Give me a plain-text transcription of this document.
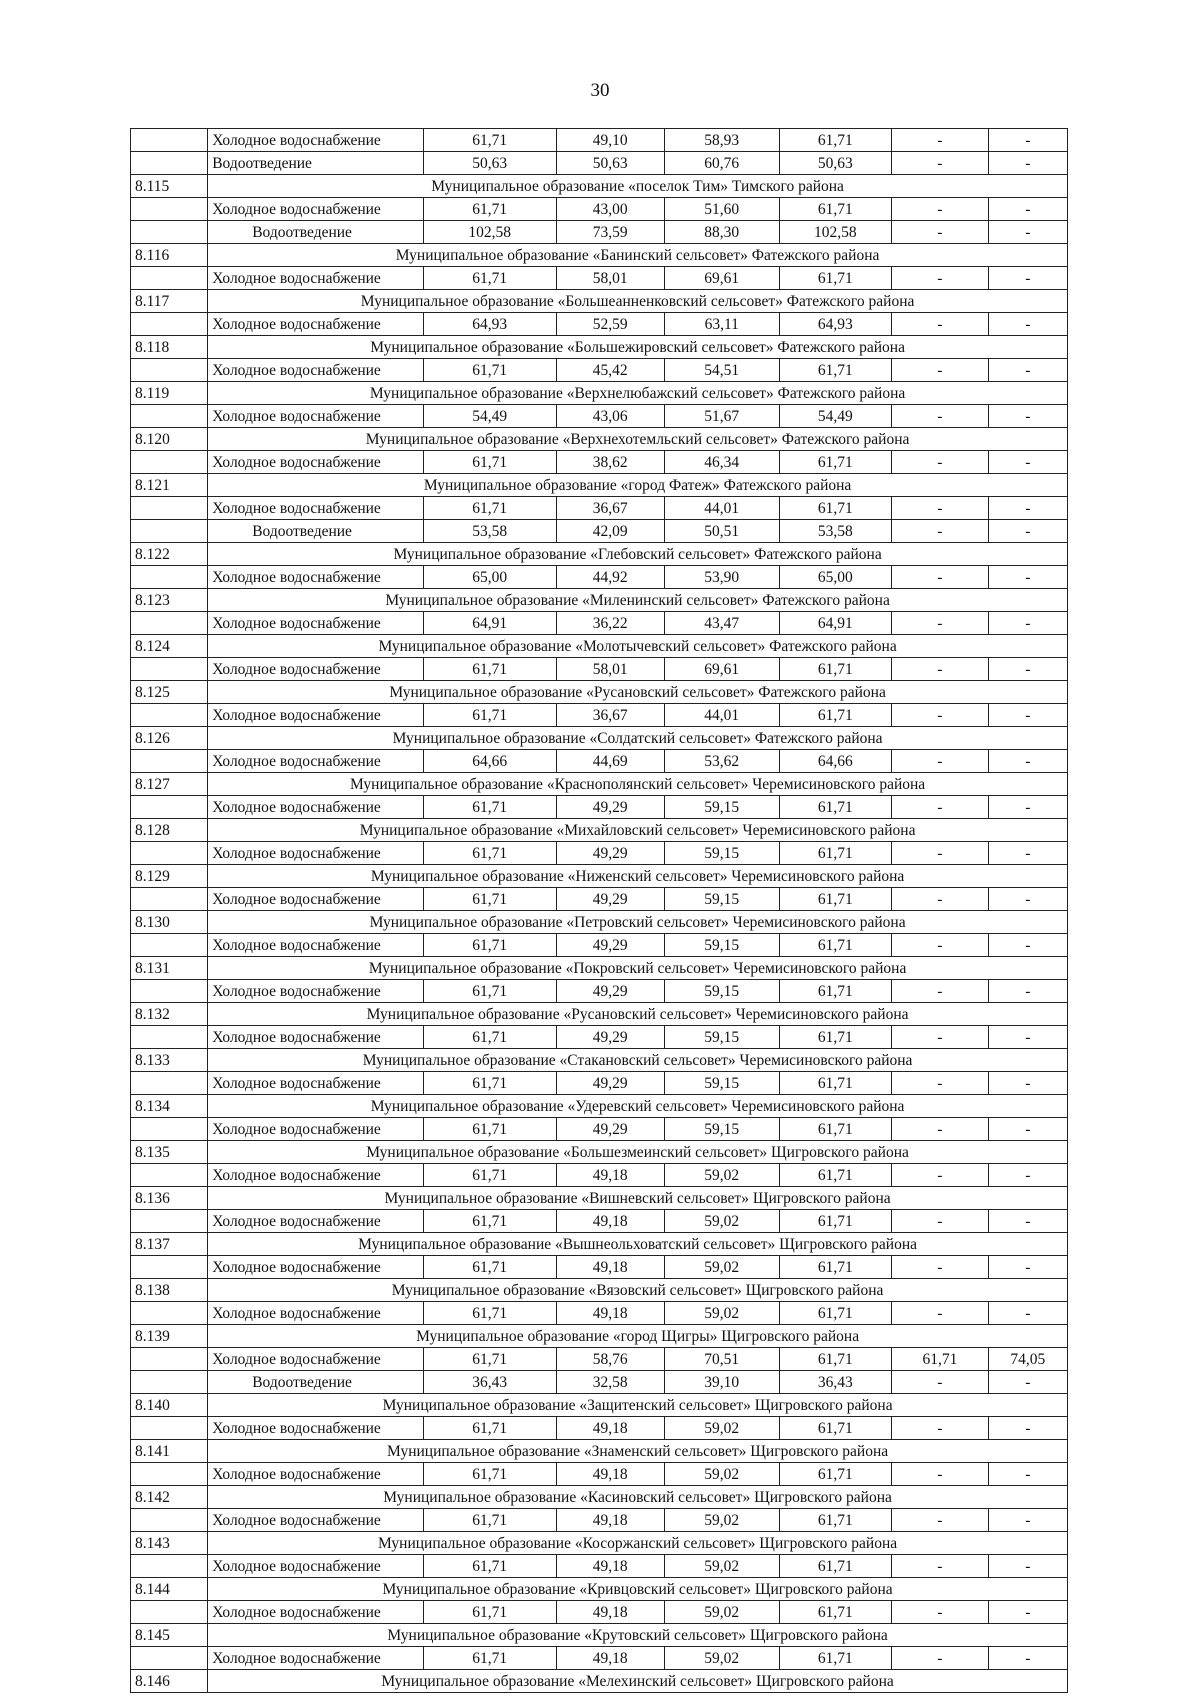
30
	Холодное водоснабжение	61,71	49,10	58,93	61,71	-	-
	Водоотведение	50,63	50,63	60,76	50,63	-	-
8.115	Муниципальное образование «поселок Тим» Тимского района						
	Холодное водоснабжение	61,71	43,00	51,60	61,71	-	-
	Водоотведение	102,58	73,59	88,30	102,58	-	-
8.116	Муниципальное образование «Банинский сельсовет» Фатежского района						
	Холодное водоснабжение	61,71	58,01	69,61	61,71	-	-
8.117	Муниципальное образование «Большеанненковский сельсовет» Фатежского района						
	Холодное водоснабжение	64,93	52,59	63,11	64,93	-	-
8.118	Муниципальное образование «Большежировский сельсовет» Фатежского района						
	Холодное водоснабжение	61,71	45,42	54,51	61,71	-	-
8.119	Муниципальное образование «Верхнелюбажский сельсовет» Фатежского района						
	Холодное водоснабжение	54,49	43,06	51,67	54,49	-	-
8.120	Муниципальное образование «Верхнехотемльский сельсовет» Фатежского района						
	Холодное водоснабжение	61,71	38,62	46,34	61,71	-	-
8.121	Муниципальное образование «город Фатеж» Фатежского района						
	Холодное водоснабжение	61,71	36,67	44,01	61,71	-	-
	Водоотведение	53,58	42,09	50,51	53,58	-	-
8.122	Муниципальное образование «Глебовский сельсовет» Фатежского района						
	Холодное водоснабжение	65,00	44,92	53,90	65,00	-	-
8.123	Муниципальное образование «Миленинский сельсовет» Фатежского района						
	Холодное водоснабжение	64,91	36,22	43,47	64,91	-	-
8.124	Муниципальное образование «Молотычевский сельсовет» Фатежского района						
	Холодное водоснабжение	61,71	58,01	69,61	61,71	-	-
8.125	Муниципальное образование «Русановский сельсовет» Фатежского района						
	Холодное водоснабжение	61,71	36,67	44,01	61,71	-	-
8.126	Муниципальное образование «Солдатский сельсовет» Фатежского района						
	Холодное водоснабжение	64,66	44,69	53,62	64,66	-	-
8.127	Муниципальное образование «Краснополянский сельсовет» Черемисиновского района						
	Холодное водоснабжение	61,71	49,29	59,15	61,71	-	-
8.128	Муниципальное образование «Михайловский сельсовет» Черемисиновского района						
	Холодное водоснабжение	61,71	49,29	59,15	61,71	-	-
8.129	Муниципальное образование «Ниженский сельсовет» Черемисиновского района						
	Холодное водоснабжение	61,71	49,29	59,15	61,71	-	-
8.130	Муниципальное образование «Петровский сельсовет» Черемисиновского района						
	Холодное водоснабжение	61,71	49,29	59,15	61,71	-	-
8.131	Муниципальное образование «Покровский сельсовет» Черемисиновского района						
	Холодное водоснабжение	61,71	49,29	59,15	61,71	-	-
8.132	Муниципальное образование «Русановский сельсовет» Черемисиновского района						
	Холодное водоснабжение	61,71	49,29	59,15	61,71	-	-
8.133	Муниципальное образование «Стакановский сельсовет» Черемисиновского района						
	Холодное водоснабжение	61,71	49,29	59,15	61,71	-	-
8.134	Муниципальное образование «Удеревский сельсовет» Черемисиновского района						
	Холодное водоснабжение	61,71	49,29	59,15	61,71	-	-
8.135	Муниципальное образование «Большезмеинский сельсовет» Щигровского района						
	Холодное водоснабжение	61,71	49,18	59,02	61,71	-	-
8.136	Муниципальное образование «Вишневский сельсовет» Щигровского района						
	Холодное водоснабжение	61,71	49,18	59,02	61,71	-	-
8.137	Муниципальное образование «Вышнеольховатский сельсовет» Щигровского района						
	Холодное водоснабжение	61,71	49,18	59,02	61,71	-	-
8.138	Муниципальное образование «Вязовский сельсовет» Щигровского района						
	Холодное водоснабжение	61,71	49,18	59,02	61,71	-	-
8.139	Муниципальное образование «город Щигры» Щигровского района						
	Холодное водоснабжение	61,71	58,76	70,51	61,71	61,71	74,05
	Водоотведение	36,43	32,58	39,10	36,43	-	-
8.140	Муниципальное образование «Защитенский сельсовет» Щигровского района						
	Холодное водоснабжение	61,71	49,18	59,02	61,71	-	-
8.141	Муниципальное образование «Знаменский сельсовет» Щигровского района						
	Холодное водоснабжение	61,71	49,18	59,02	61,71	-	-
8.142	Муниципальное образование «Касиновский сельсовет» Щигровского района						
	Холодное водоснабжение	61,71	49,18	59,02	61,71	-	-
8.143	Муниципальное образование «Косоржанский сельсовет» Щигровского района						
	Холодное водоснабжение	61,71	49,18	59,02	61,71	-	-
8.144	Муниципальное образование «Кривцовский сельсовет» Щигровского района						
	Холодное водоснабжение	61,71	49,18	59,02	61,71	-	-
8.145	Муниципальное образование «Крутовский сельсовет» Щигровского района						
	Холодное водоснабжение	61,71	49,18	59,02	61,71	-	-
8.146	Муниципальное образование «Мелехинский сельсовет» Щигровского района						
